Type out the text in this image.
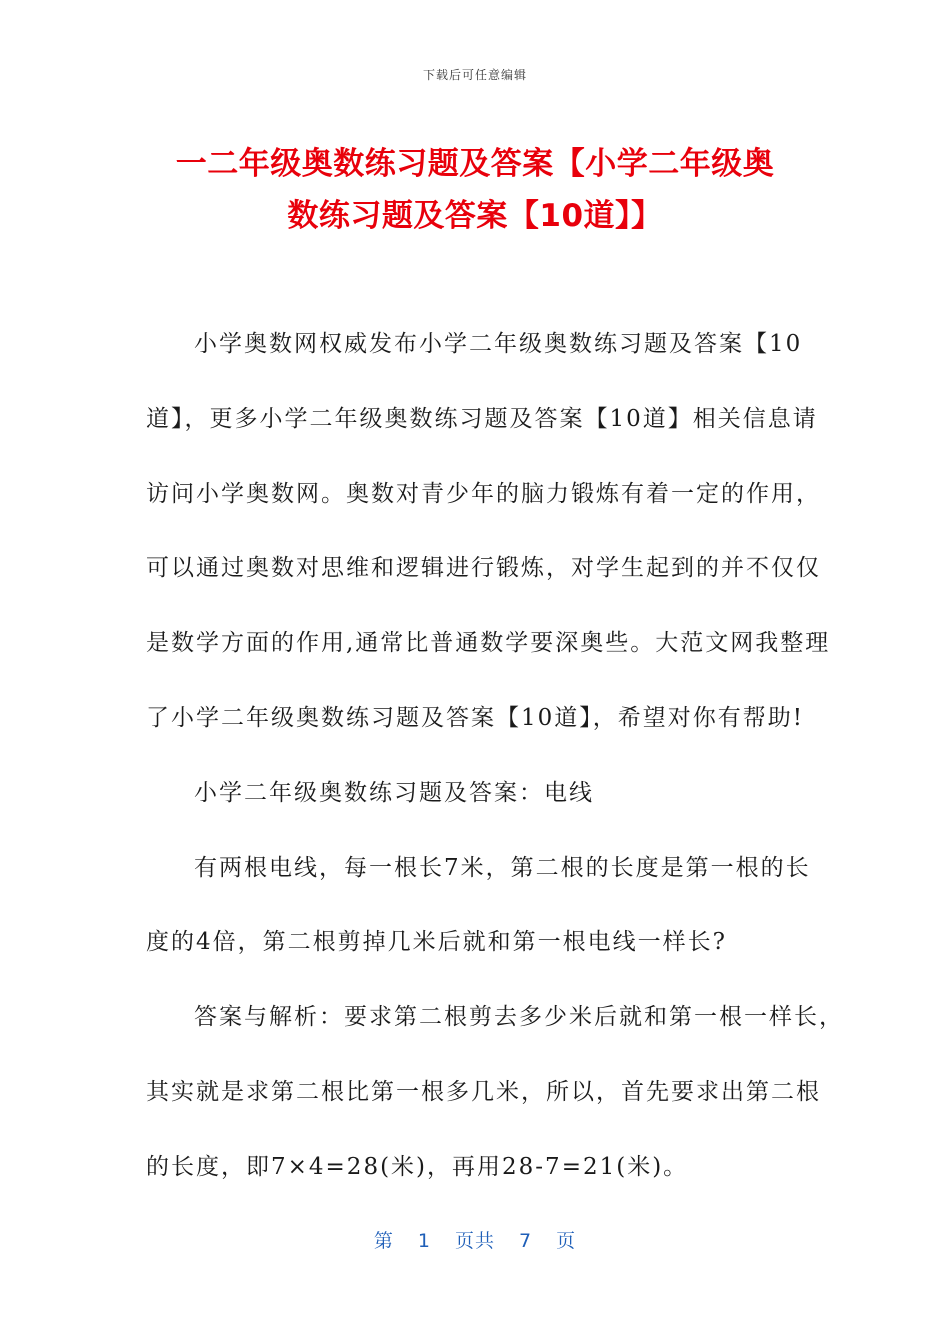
下载后可任意编辑
一二年级奥数练习题及答案【小学二年级奥
数练习题及答案【10道】】
小学奥数网权威发布小学二年级奥数练习题及答案【10
道】，更多小学二年级奥数练习题及答案【10道】相关信息请
访问小学奥数网。奥数对青少年的脑力锻炼有着一定的作用，
可以通过奥数对思维和逻辑进行锻炼，对学生起到的并不仅仅
是数学方面的作用,通常比普通数学要深奥些。大范文网我整理
了小学二年级奥数练习题及答案【10道】，希望对你有帮助!
小学二年级奥数练习题及答案：电线
有两根电线，每一根长7米，第二根的长度是第一根的长
度的4倍，第二根剪掉几米后就和第一根电线一样长?
答案与解析：要求第二根剪去多少米后就和第一根一样长，
其实就是求第二根比第一根多几米，所以，首先要求出第二根
的长度，即7×4=28(米)，再用28-7=21(米)。
第 1 页共 7 页
